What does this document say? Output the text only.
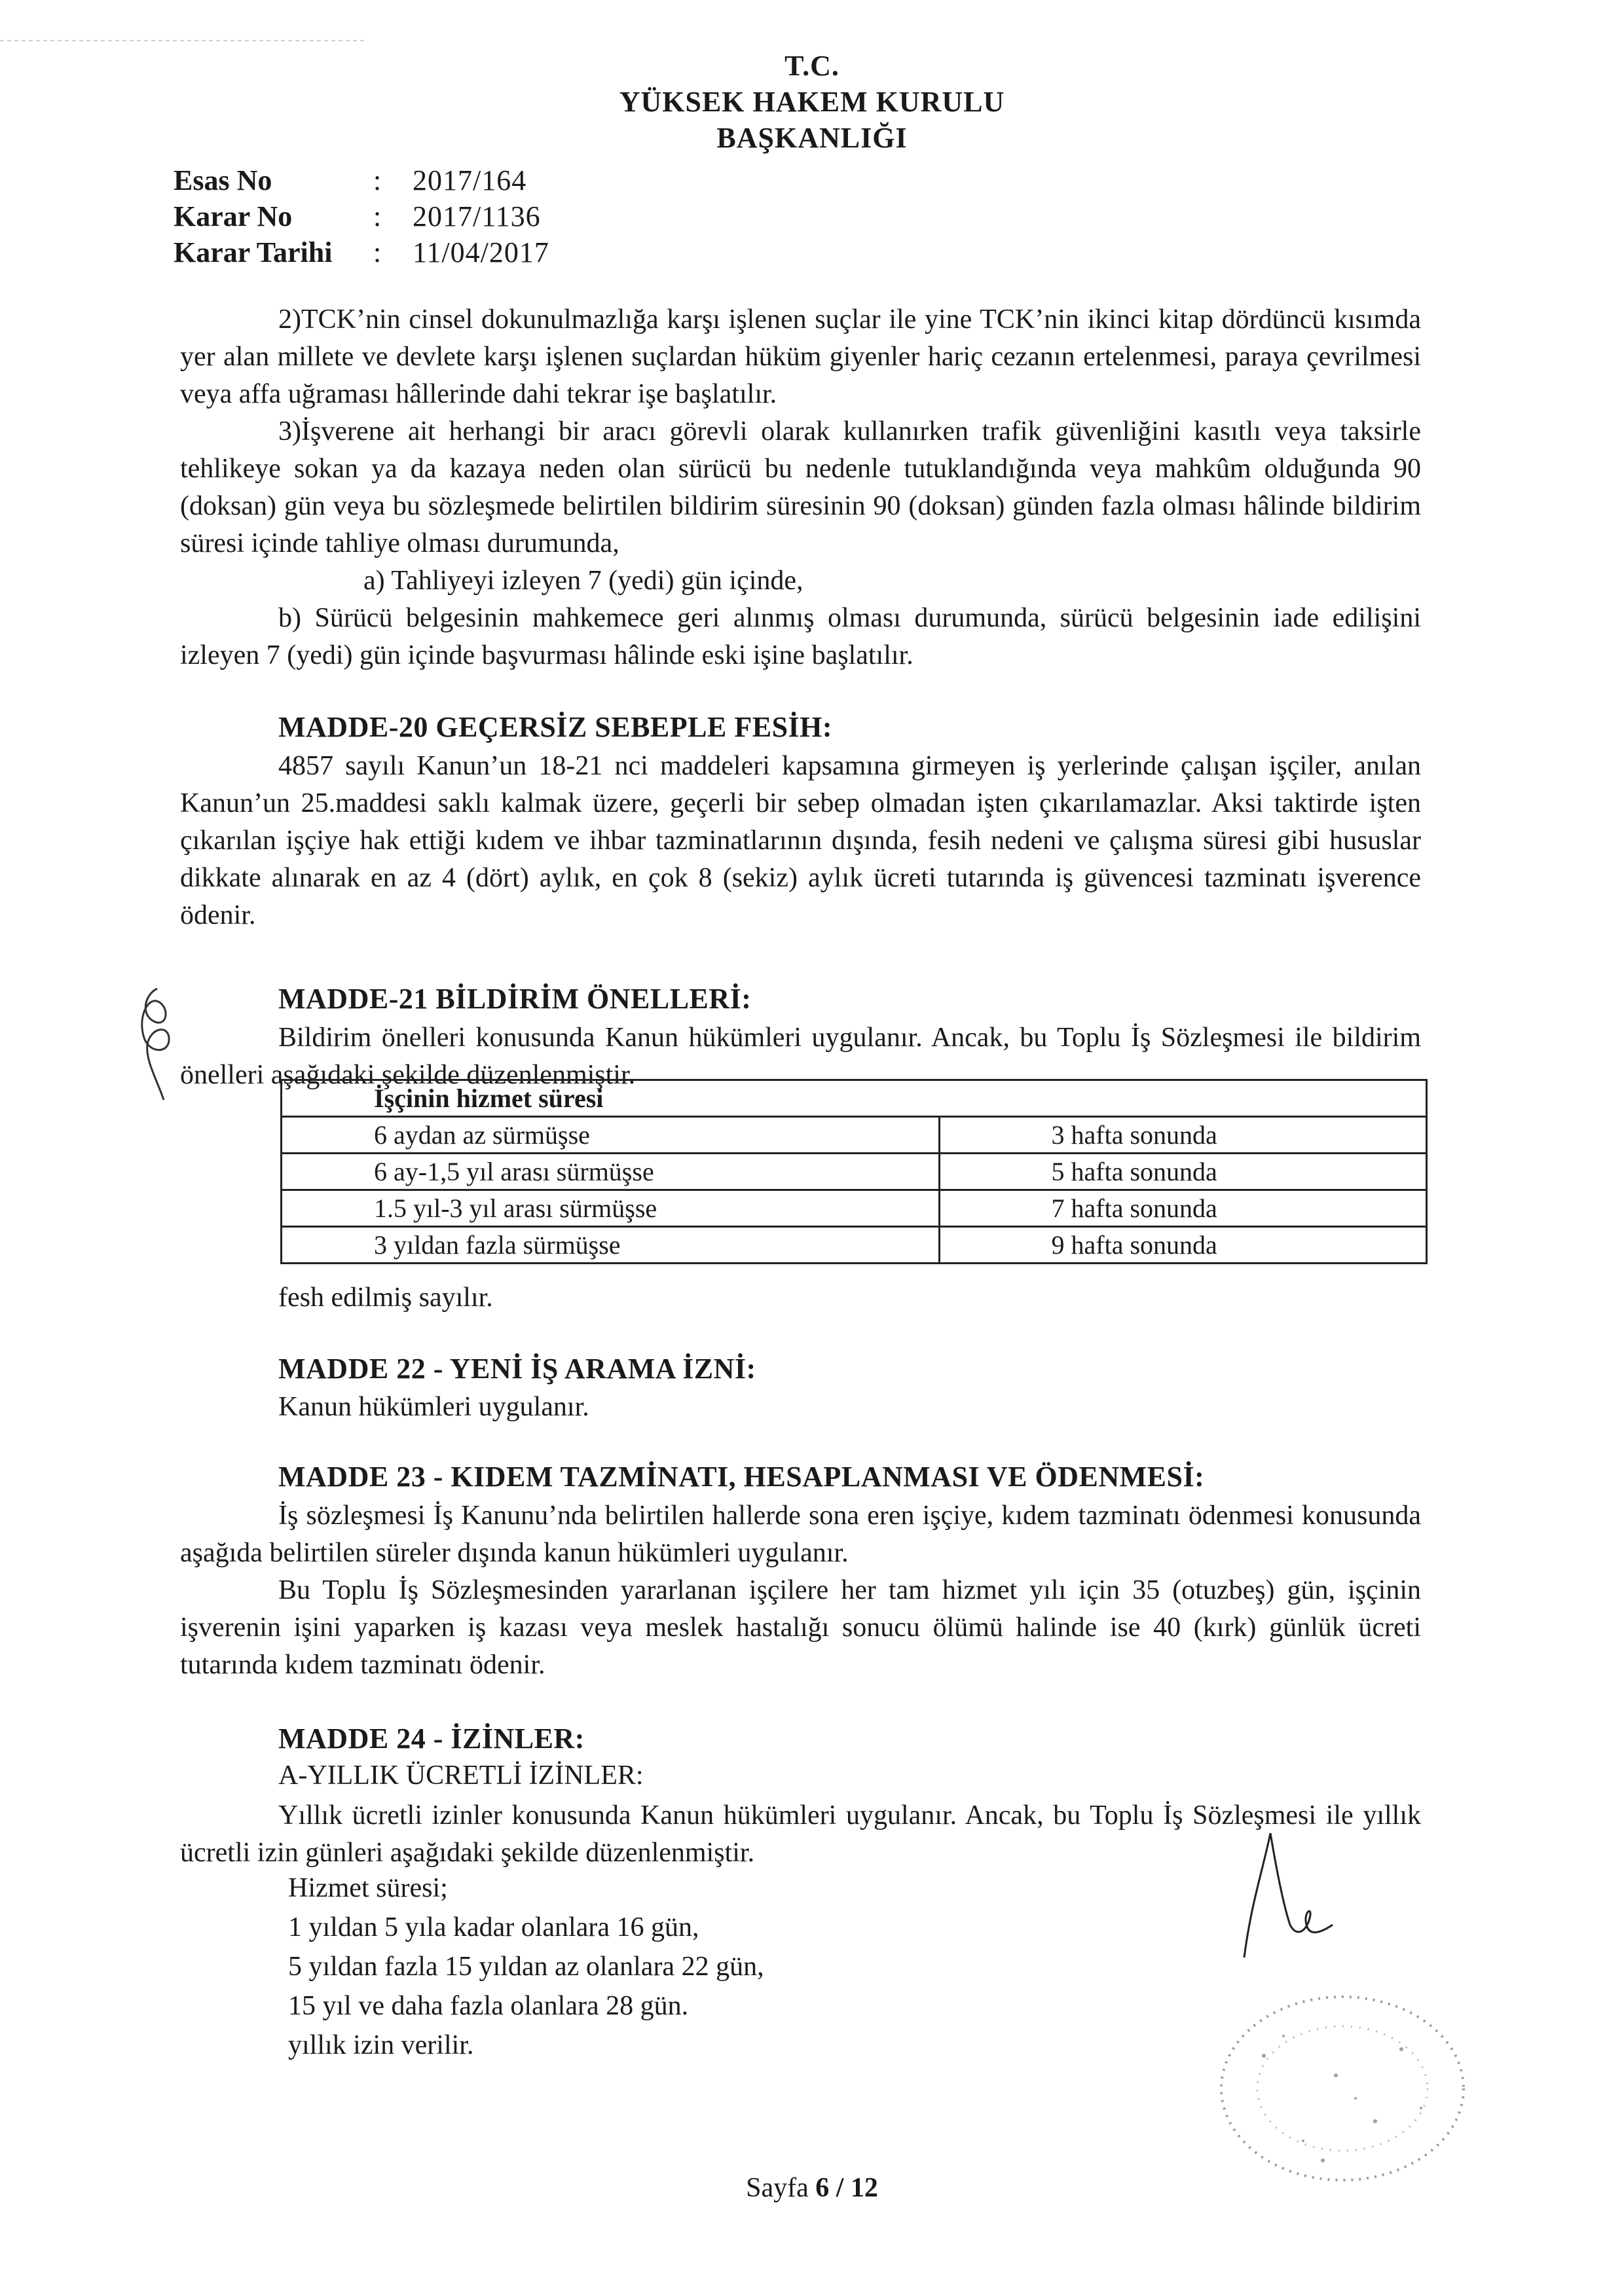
T.C.
YÜKSEK HAKEM KURULU
BAŞKANLIĞI
Esas No	: 2017/164
Karar No	: 2017/1136
Karar Tarihi	: 11/04/2017

2)TCK’nin cinsel dokunulmazlığa karşı işlenen suçlar ile yine TCK’nin ikinci kitap dördüncü kısımda yer alan millete ve devlete karşı işlenen suçlardan hüküm giyenler hariç cezanın ertelenmesi, paraya çevrilmesi veya affa uğraması hâllerinde dahi tekrar işe başlatılır.

3)İşverene ait herhangi bir aracı görevli olarak kullanırken trafik güvenliğini kasıtlı veya taksirle tehlikeye sokan ya da kazaya neden olan sürücü bu nedenle tutuklandığında veya mahkûm olduğunda 90 (doksan) gün veya bu sözleşmede belirtilen bildirim süresinin 90 (doksan) günden fazla olması hâlinde bildirim süresi içinde tahliye olması durumunda,

a) Tahliyeyi izleyen 7 (yedi) gün içinde,

b) Sürücü belgesinin mahkemece geri alınmış olması durumunda, sürücü belgesinin iade edilişini izleyen 7 (yedi) gün içinde başvurması hâlinde eski işine başlatılır.

MADDE-20 GEÇERSİZ SEBEPLE FESİH:

4857 sayılı Kanun’un 18-21 nci maddeleri kapsamına girmeyen iş yerlerinde çalışan işçiler, anılan Kanun’un 25.maddesi saklı kalmak üzere, geçerli bir sebep olmadan işten çıkarılamazlar. Aksi taktirde işten çıkarılan işçiye hak ettiği kıdem ve ihbar tazminatlarının dışında, fesih nedeni ve çalışma süresi gibi hususlar dikkate alınarak en az 4 (dört) aylık, en çok 8 (sekiz) aylık ücreti tutarında iş güvencesi tazminatı işverence ödenir.

MADDE-21 BİLDİRİM ÖNELLERİ:

Bildirim önelleri konusunda Kanun hükümleri uygulanır. Ancak, bu Toplu İş Sözleşmesi ile bildirim önelleri aşağıdaki şekilde düzenlenmiştir.

İşçinin hizmet süresi	
6 aydan az sürmüşse	3 hafta sonunda
6 ay-1,5 yıl arası sürmüşse	5 hafta sonunda
1.5 yıl-3 yıl arası sürmüşse	7 hafta sonunda
3 yıldan fazla sürmüşse	9 hafta sonunda
fesh edilmiş sayılır.
MADDE 22 - YENİ İŞ ARAMA İZNİ:
Kanun hükümleri uygulanır.
MADDE 23 - KIDEM TAZMİNATI, HESAPLANMASI VE ÖDENMESİ:

İş sözleşmesi İş Kanunu’nda belirtilen hallerde sona eren işçiye, kıdem tazminatı ödenmesi konusunda aşağıda belirtilen süreler dışında kanun hükümleri uygulanır.

Bu Toplu İş Sözleşmesinden yararlanan işçilere her tam hizmet yılı için 35 (otuzbeş) gün, işçinin işverenin işini yaparken iş kazası veya meslek hastalığı sonucu ölümü halinde ise 40 (kırk) günlük ücreti tutarında kıdem tazminatı ödenir.

MADDE 24 - İZİNLER:
A-YILLIK ÜCRETLİ İZİNLER:

Yıllık ücretli izinler konusunda Kanun hükümleri uygulanır. Ancak, bu Toplu İş Sözleşmesi ile yıllık ücretli izin günleri aşağıdaki şekilde düzenlenmiştir.

Hizmet süresi;
1 yıldan 5 yıla kadar olanlara 16 gün,
5 yıldan fazla 15 yıldan az olanlara 22 gün,
15 yıl ve daha fazla olanlara 28 gün.
yıllık izin verilir.
Sayfa 6 / 12
